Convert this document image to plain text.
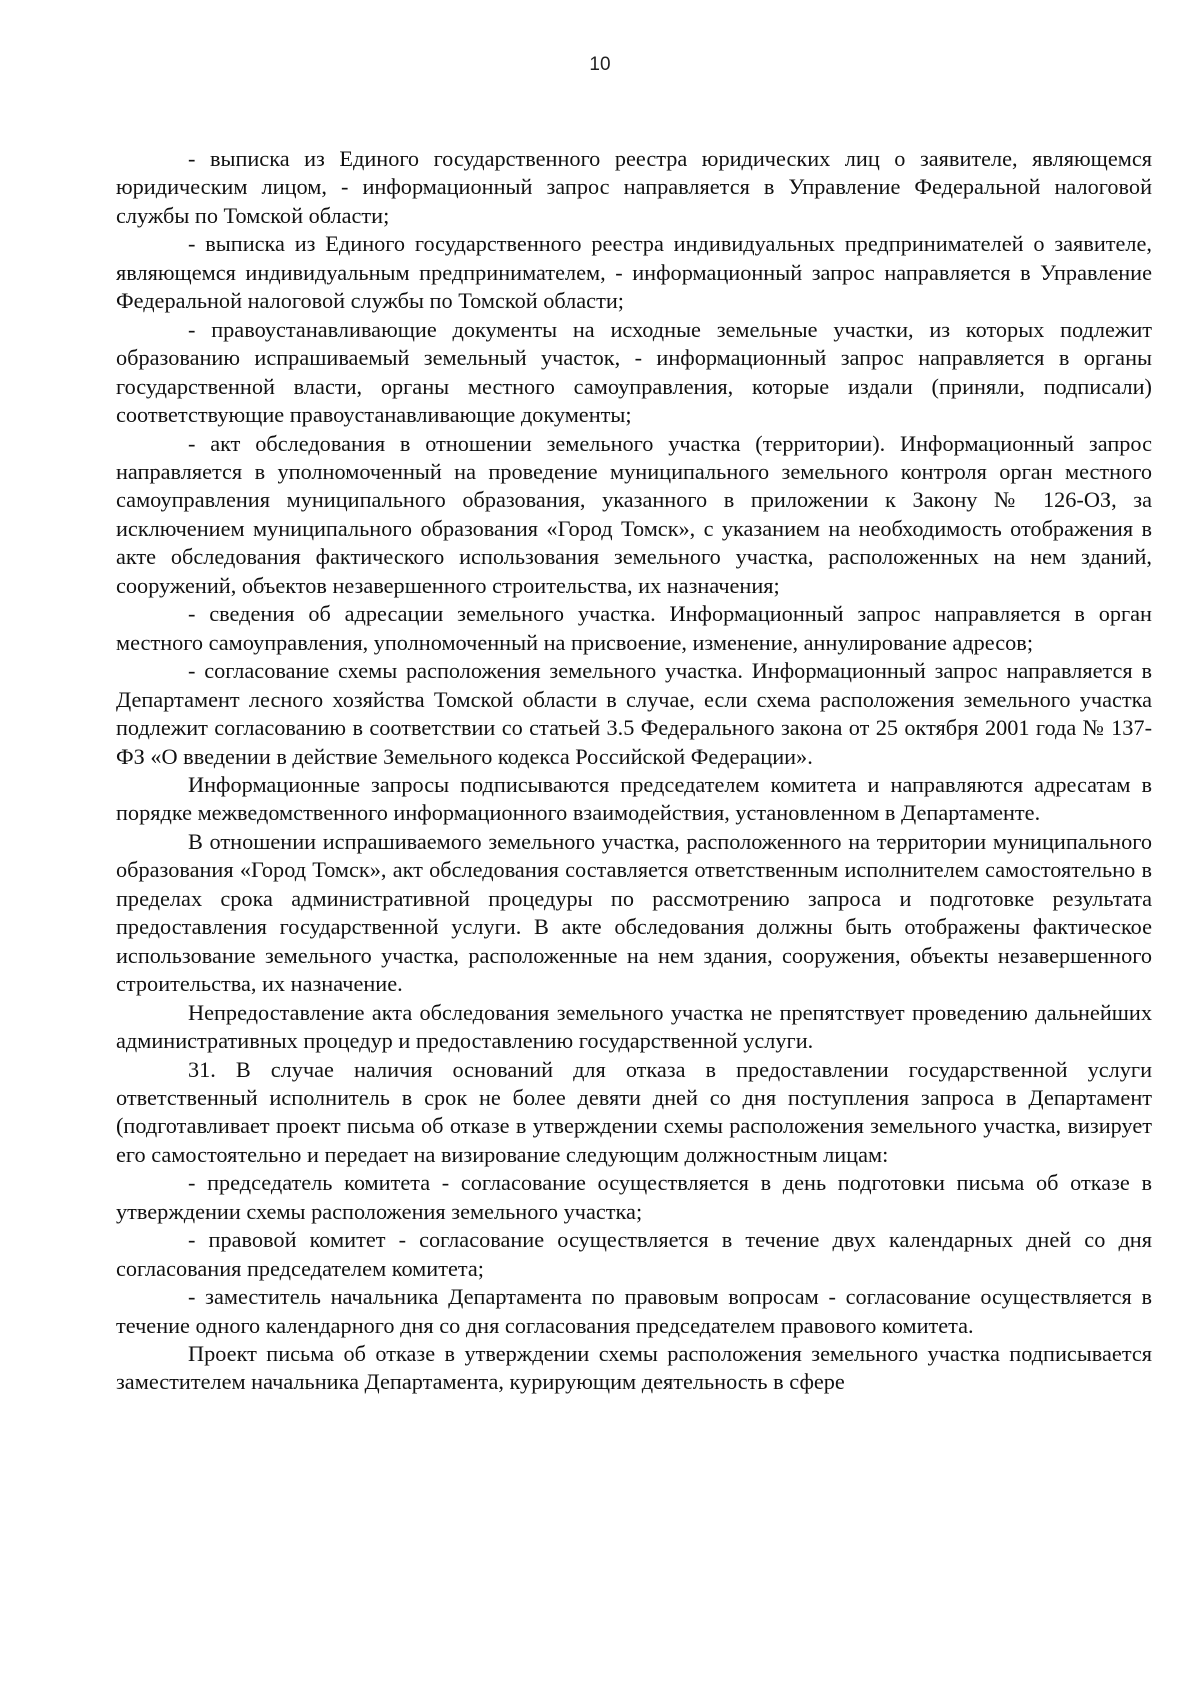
10

- выписка из Единого государственного реестра юридических лиц о заявителе, являющемся юридическим лицом, - информационный запрос направляется в Управление Федеральной налоговой службы по Томской области;

- выписка из Единого государственного реестра индивидуальных предпринимателей о заявителе, являющемся индивидуальным предпринимателем, - информационный запрос направляется в Управление Федеральной налоговой службы по Томской области;

- правоустанавливающие документы на исходные земельные участки, из которых подлежит образованию испрашиваемый земельный участок, - информационный запрос направляется в органы государственной власти, органы местного самоуправления, которые издали (приняли, подписали) соответствующие правоустанавливающие документы;

- акт обследования в отношении земельного участка (территории). Информационный запрос направляется в уполномоченный на проведение муниципального земельного контроля орган местного самоуправления муниципального образования, указанного в приложении к Закону № 126-ОЗ, за исключением муниципального образования «Город Томск», с указанием на необходимость отображения в акте обследования фактического использования земельного участка, расположенных на нем зданий, сооружений, объектов незавершенного строительства, их назначения;

- сведения об адресации земельного участка. Информационный запрос направляется в орган местного самоуправления, уполномоченный на присвоение, изменение, аннулирование адресов;

- согласование схемы расположения земельного участка. Информационный запрос направляется в Департамент лесного хозяйства Томской области в случае, если схема расположения земельного участка подлежит согласованию в соответствии со статьей 3.5 Федерального закона от 25 октября 2001 года № 137-ФЗ «О введении в действие Земельного кодекса Российской Федерации».

Информационные запросы подписываются председателем комитета и направляются адресатам в порядке межведомственного информационного взаимодействия, установленном в Департаменте.

В отношении испрашиваемого земельного участка, расположенного на территории муниципального образования «Город Томск», акт обследования составляется ответственным исполнителем самостоятельно в пределах срока административной процедуры по рассмотрению запроса и подготовке результата предоставления государственной услуги. В акте обследования должны быть отображены фактическое использование земельного участка, расположенные на нем здания, сооружения, объекты незавершенного строительства, их назначение.

Непредоставление акта обследования земельного участка не препятствует проведению дальнейших административных процедур и предоставлению государственной услуги.

31. В случае наличия оснований для отказа в предоставлении государственной услуги ответственный исполнитель в срок не более девяти дней со дня поступления запроса в Департамент (подготавливает проект письма об отказе в утверждении схемы расположения земельного участка, визирует его самостоятельно и передает на визирование следующим должностным лицам:

- председатель комитета - согласование осуществляется в день подготовки письма об отказе в утверждении схемы расположения земельного участка;

- правовой комитет - согласование осуществляется в течение двух календарных дней со дня согласования председателем комитета;

- заместитель начальника Департамента по правовым вопросам - согласование осуществляется в течение одного календарного дня со дня согласования председателем правового комитета.

Проект письма об отказе в утверждении схемы расположения земельного участка подписывается заместителем начальника Департамента, курирующим деятельность в сфере
